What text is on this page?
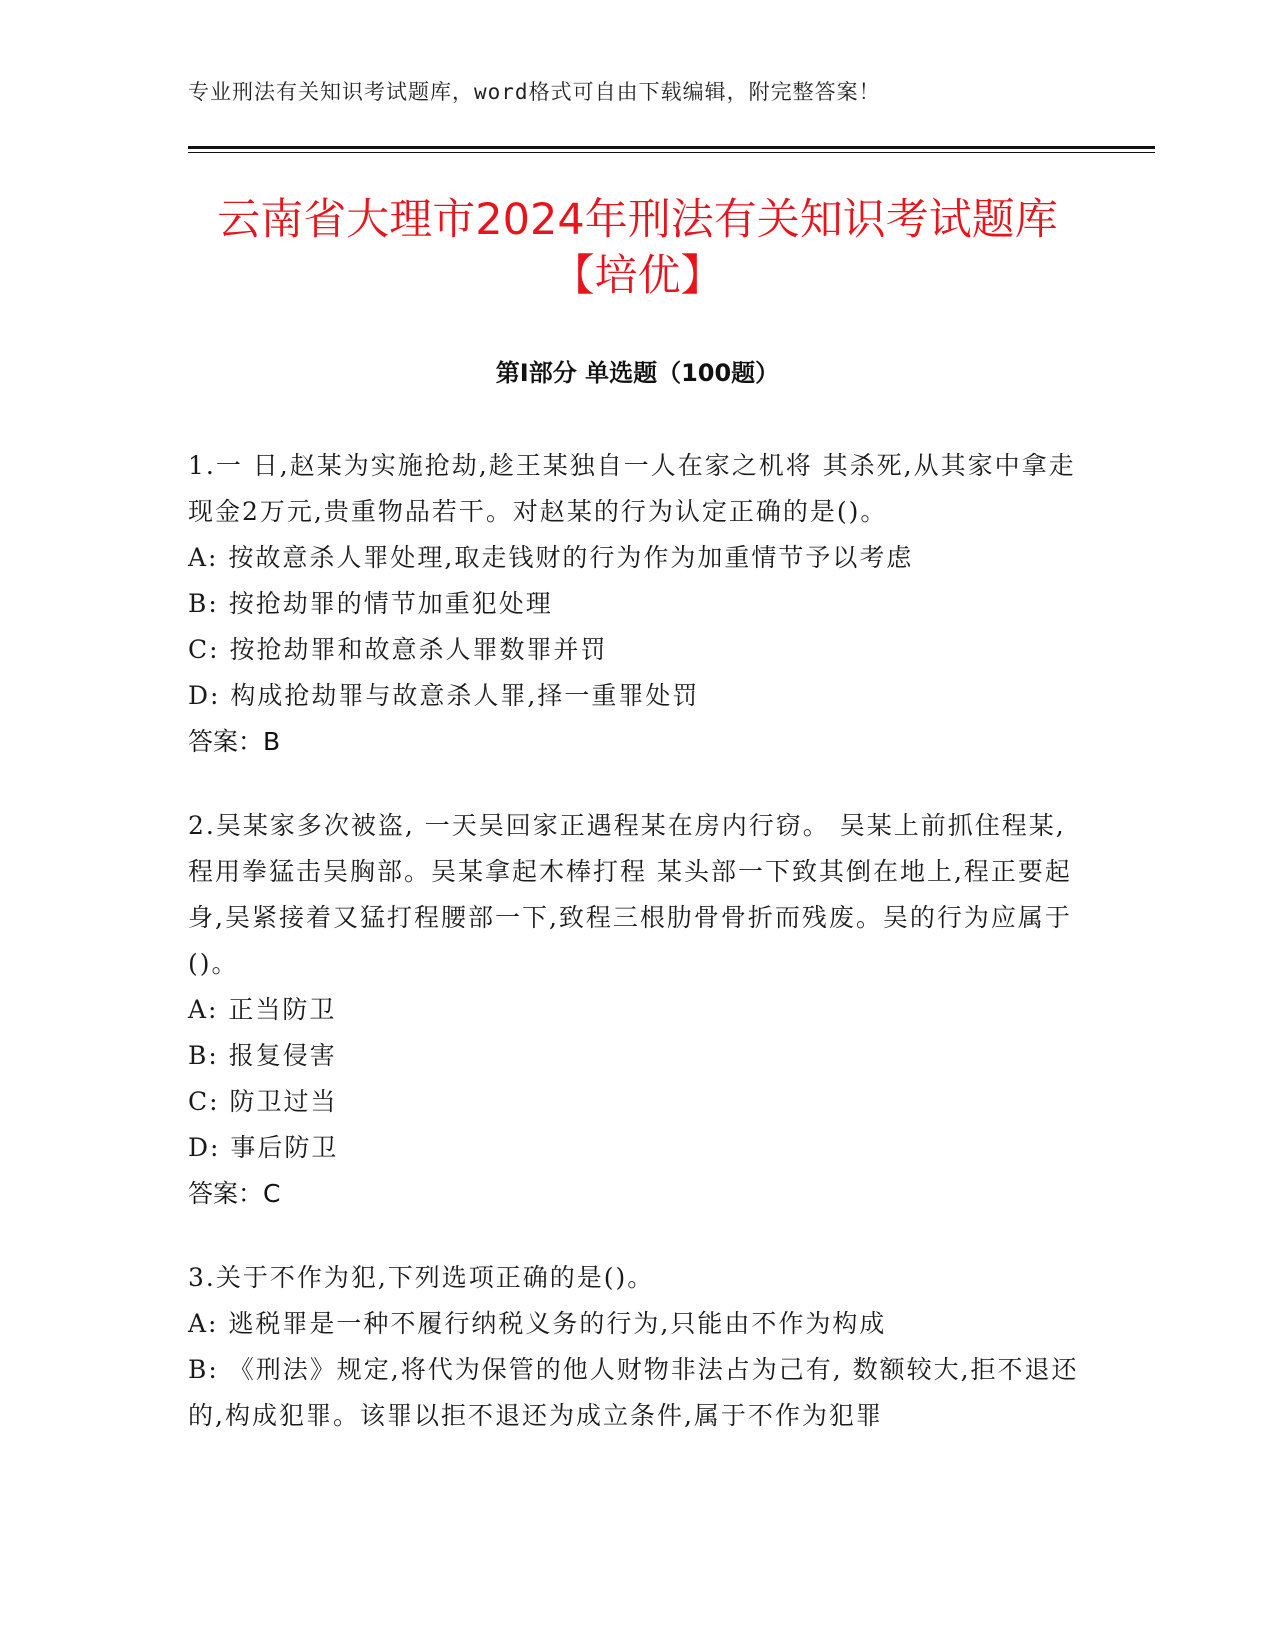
专业刑法有关知识考试题库，word格式可自由下载编辑，附完整答案！
云南省大理市2024年刑法有关知识考试题库
【培优】
第Ⅰ部分 单选题（100题）
1.一 日,赵某为实施抢劫,趁王某独自一人在家之机将 其杀死,从其家中拿走现金2万元,贵重物品若干。对赵某的行为认定正确的是()。
A: 按故意杀人罪处理,取走钱财的行为作为加重情节予以考虑
B: 按抢劫罪的情节加重犯处理
C: 按抢劫罪和故意杀人罪数罪并罚
D: 构成抢劫罪与故意杀人罪,择一重罪处罚
答案：B
2.吴某家多次被盗, 一天吴回家正遇程某在房内行窃。 吴某上前抓住程某,程用拳猛击吴胸部。吴某拿起木棒打程 某头部一下致其倒在地上,程正要起身,吴紧接着又猛打程腰部一下,致程三根肋骨骨折而残废。吴的行为应属于()。
A: 正当防卫
B: 报复侵害
C: 防卫过当
D: 事后防卫
答案：C
3.关于不作为犯,下列选项正确的是()。
A: 逃税罪是一种不履行纳税义务的行为,只能由不作为构成
B: 《刑法》规定,将代为保管的他人财物非法占为己有, 数额较大,拒不退还的,构成犯罪。该罪以拒不退还为成立条件,属于不作为犯罪
